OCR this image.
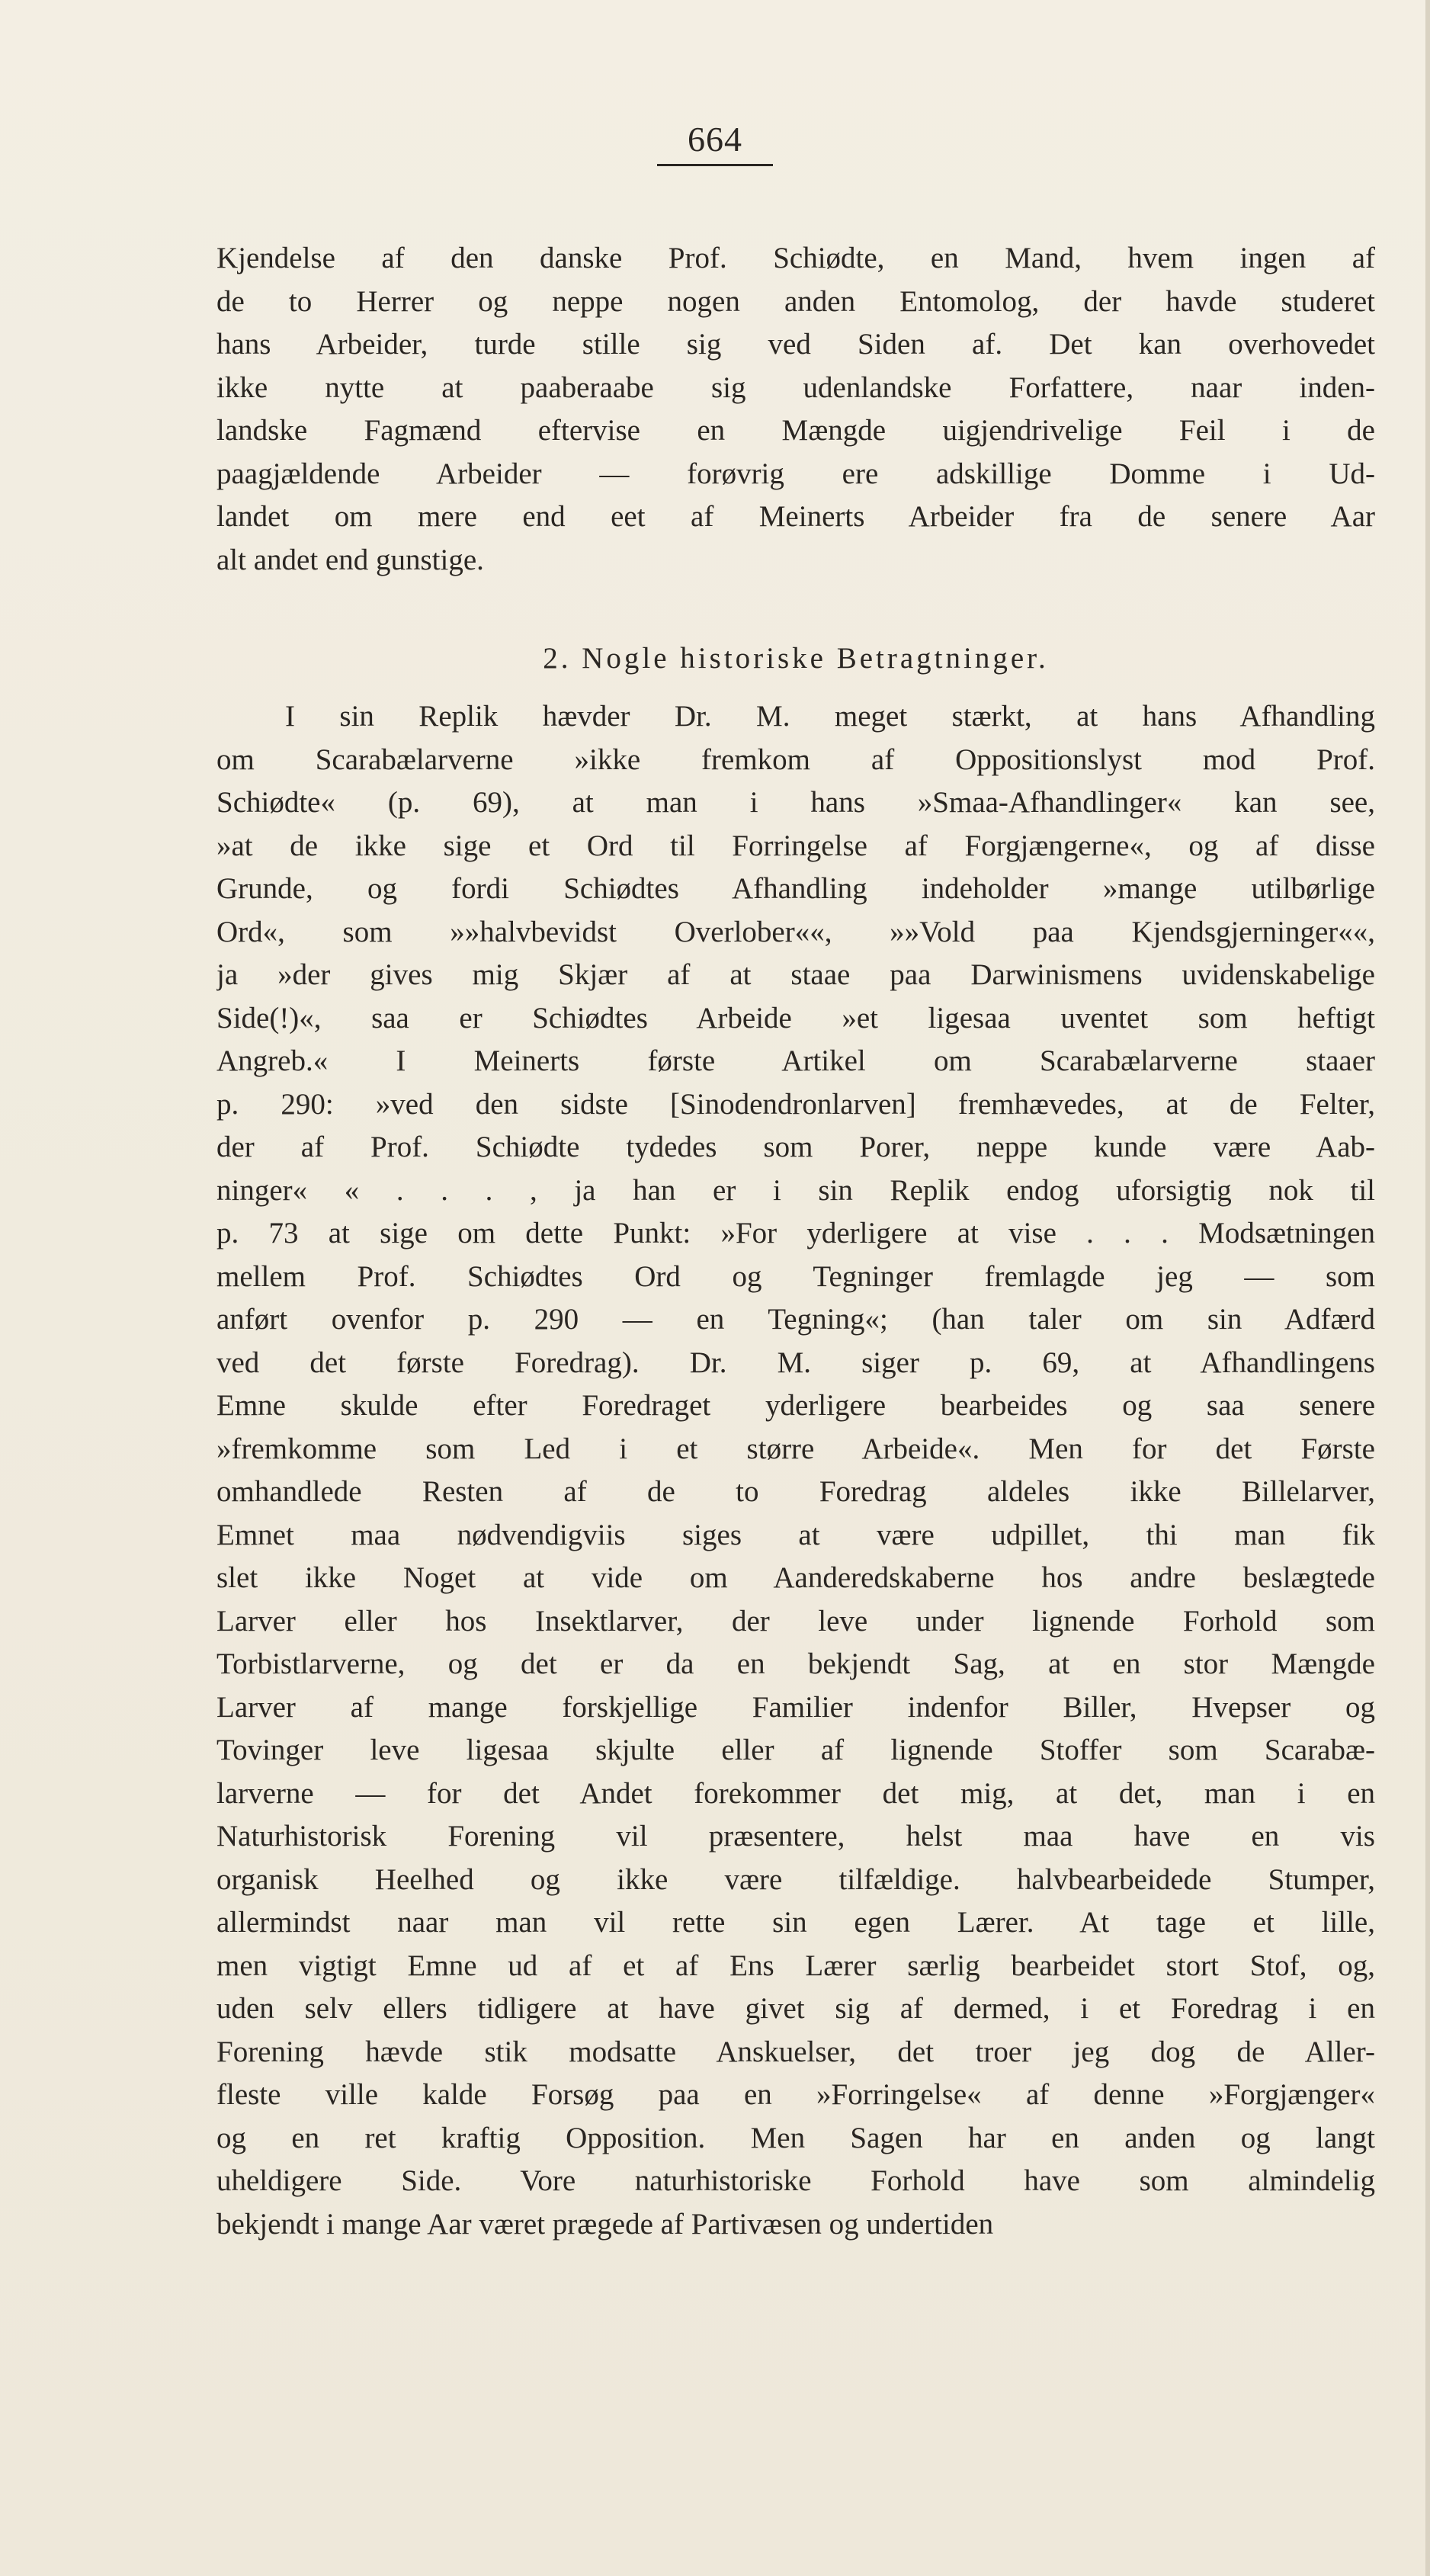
664
Kjendelse af den danske Prof. Schiødte, en Mand, hvem ingen af
de to Herrer og neppe nogen anden Entomolog, der havde studeret
hans Arbeider, turde stille sig ved Siden af. Det kan overhovedet
ikke nytte at paaberaabe sig udenlandske Forfattere, naar inden-
landske Fagmænd eftervise en Mængde uigjendrivelige Feil i de
paagjældende Arbeider — forøvrig ere adskillige Domme i Ud-
landet om mere end eet af Meinerts Arbeider fra de senere Aar
alt andet end gunstige.
2. Nogle historiske Betragtninger.
I sin Replik hævder Dr. M. meget stærkt, at hans Afhandling
om Scarabælarverne »ikke fremkom af Oppositionslyst mod Prof.
Schiødte« (p. 69), at man i hans »Smaa-Afhandlinger« kan see,
»at de ikke sige et Ord til Forringelse af Forgjængerne«, og af disse
Grunde, og fordi Schiødtes Afhandling indeholder »mange utilbørlige
Ord«, som »»halvbevidst Overlober««, »»Vold paa Kjendsgjerninger««,
ja »der gives mig Skjær af at staae paa Darwinismens uvidenskabelige
Side(!)«, saa er Schiødtes Arbeide »et ligesaa uventet som heftigt
Angreb.« I Meinerts første Artikel om Scarabælarverne staaer
p. 290: »ved den sidste [Sinodendronlarven] fremhævedes, at de Felter,
der af Prof. Schiødte tydedes som Porer, neppe kunde være Aab-
ninger« « . . . , ja han er i sin Replik endog uforsigtig nok til
p. 73 at sige om dette Punkt: »For yderligere at vise . . . Modsætningen
mellem Prof. Schiødtes Ord og Tegninger fremlagde jeg — som
anført ovenfor p. 290 — en Tegning«; (han taler om sin Adfærd
ved det første Foredrag). Dr. M. siger p. 69, at Afhandlingens
Emne skulde efter Foredraget yderligere bearbeides og saa senere
»fremkomme som Led i et større Arbeide«. Men for det Første
omhandlede Resten af de to Foredrag aldeles ikke Billelarver,
Emnet maa nødvendigviis siges at være udpillet, thi man fik
slet ikke Noget at vide om Aanderedskaberne hos andre beslægtede
Larver eller hos Insektlarver, der leve under lignende Forhold som
Torbistlarverne, og det er da en bekjendt Sag, at en stor Mængde
Larver af mange forskjellige Familier indenfor Biller, Hvepser og
Tovinger leve ligesaa skjulte eller af lignende Stoffer som Scarabæ-
larverne — for det Andet forekommer det mig, at det, man i en
Naturhistorisk Forening vil præsentere, helst maa have en vis
organisk Heelhed og ikke være tilfældige. halvbearbeidede Stumper,
allermindst naar man vil rette sin egen Lærer. At tage et lille,
men vigtigt Emne ud af et af Ens Lærer særlig bearbeidet stort Stof, og,
uden selv ellers tidligere at have givet sig af dermed, i et Foredrag i en
Forening hævde stik modsatte Anskuelser, det troer jeg dog de Aller-
fleste ville kalde Forsøg paa en »Forringelse« af denne »Forgjænger«
og en ret kraftig Opposition. Men Sagen har en anden og langt
uheldigere Side. Vore naturhistoriske Forhold have som almindelig
bekjendt i mange Aar været prægede af Partivæsen og undertiden
